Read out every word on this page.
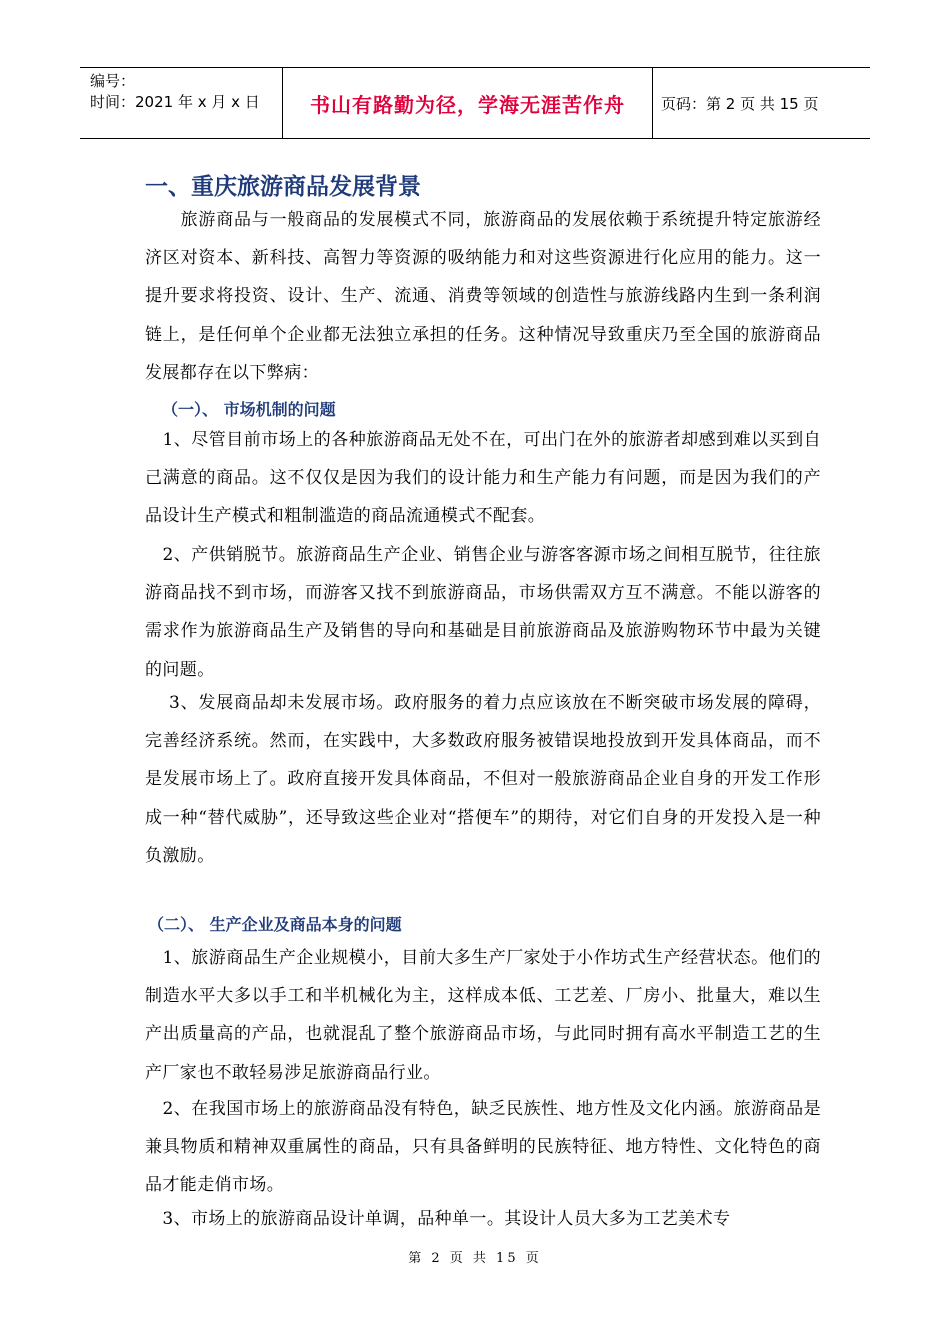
编号：
时间：2021 年 x 月 x 日	书山有路勤为径，学海无涯苦作舟	页码：第 2 页 共 15 页
一、重庆旅游商品发展背景
　　旅游商品与一般商品的发展模式不同，旅游商品的发展依赖于系统提升特定旅游经济区对资本、新科技、高智力等资源的吸纳能力和对这些资源进行化应用的能力。这一提升要求将投资、设计、生产、流通、消费等领域的创造性与旅游线路内生到一条利润链上，是任何单个企业都无法独立承担的任务。这种情况导致重庆乃至全国的旅游商品发展都存在以下弊病：
（一）、 市场机制的问题
　1、尽管目前市场上的各种旅游商品无处不在，可出门在外的旅游者却感到难以买到自己满意的商品。这不仅仅是因为我们的设计能力和生产能力有问题，而是因为我们的产品设计生产模式和粗制滥造的商品流通模式不配套。
　2、产供销脱节。旅游商品生产企业、销售企业与游客客源市场之间相互脱节，往往旅游商品找不到市场，而游客又找不到旅游商品，市场供需双方互不满意。不能以游客的需求作为旅游商品生产及销售的导向和基础是目前旅游商品及旅游购物环节中最为关键的问题。
　 3、发展商品却未发展市场。政府服务的着力点应该放在不断突破市场发展的障碍，完善经济系统。然而，在实践中，大多数政府服务被错误地投放到开发具体商品，而不是发展市场上了。政府直接开发具体商品，不但对一般旅游商品企业自身的开发工作形成一种“替代威胁”，还导致这些企业对“搭便车”的期待，对它们自身的开发投入是一种负激励。
（二）、 生产企业及商品本身的问题
　1、旅游商品生产企业规模小，目前大多生产厂家处于小作坊式生产经营状态。他们的制造水平大多以手工和半机械化为主，这样成本低、工艺差、厂房小、批量大，难以生产出质量高的产品，也就混乱了整个旅游商品市场，与此同时拥有高水平制造工艺的生产厂家也不敢轻易涉足旅游商品行业。
　2、在我国市场上的旅游商品没有特色，缺乏民族性、地方性及文化内涵。旅游商品是兼具物质和精神双重属性的商品，只有具备鲜明的民族特征、地方特性、文化特色的商品才能走俏市场。
　3、市场上的旅游商品设计单调，品种单一。其设计人员大多为工艺美术专
第 2 页 共 15 页
